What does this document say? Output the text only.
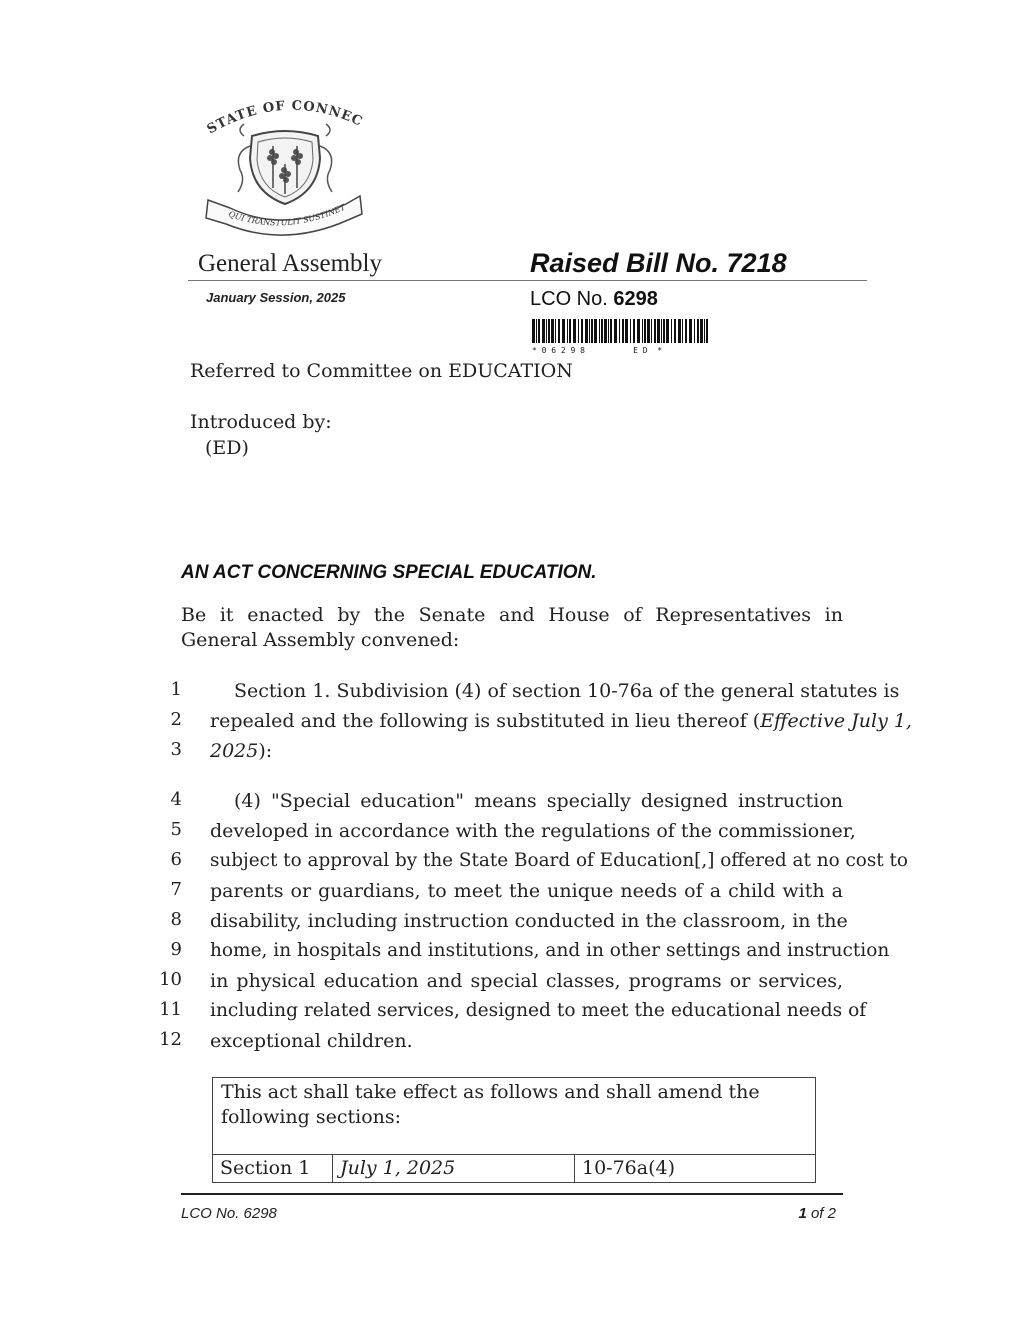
STATE OF CONNEC
QUI TRANSTULIT SUSTINET
General Assembly	Raised Bill No. 7218
January Session, 2025	LCO No. 6298
* 0 6 2 9 8          E D  *
Referred to Committee on EDUCATION
Introduced by:
(ED)
AN ACT CONCERNING SPECIAL EDUCATION.
Be it enacted by the Senate and House of Representatives in General Assembly convened:
1	Section 1. Subdivision (4) of section 10-76a of the general statutes is
2 repealed and the following is substituted in lieu thereof (Effective July 1,
3 2025):
4	(4) "Special education" means specially designed instruction
5 developed in accordance with the regulations of the commissioner,
6 subject to approval by the State Board of Education[,] offered at no cost to
7 parents or guardians, to meet the unique needs of a child with a
8 disability, including instruction conducted in the classroom, in the
9 home, in hospitals and institutions, and in other settings and instruction
10 in physical education and special classes, programs or services,
11 including related services, designed to meet the educational needs of
12 exceptional children.
This act shall take effect as follows and shall amend the following sections:
Section 1	July 1, 2025	10-76a(4)
LCO No. 6298	1 of 2
